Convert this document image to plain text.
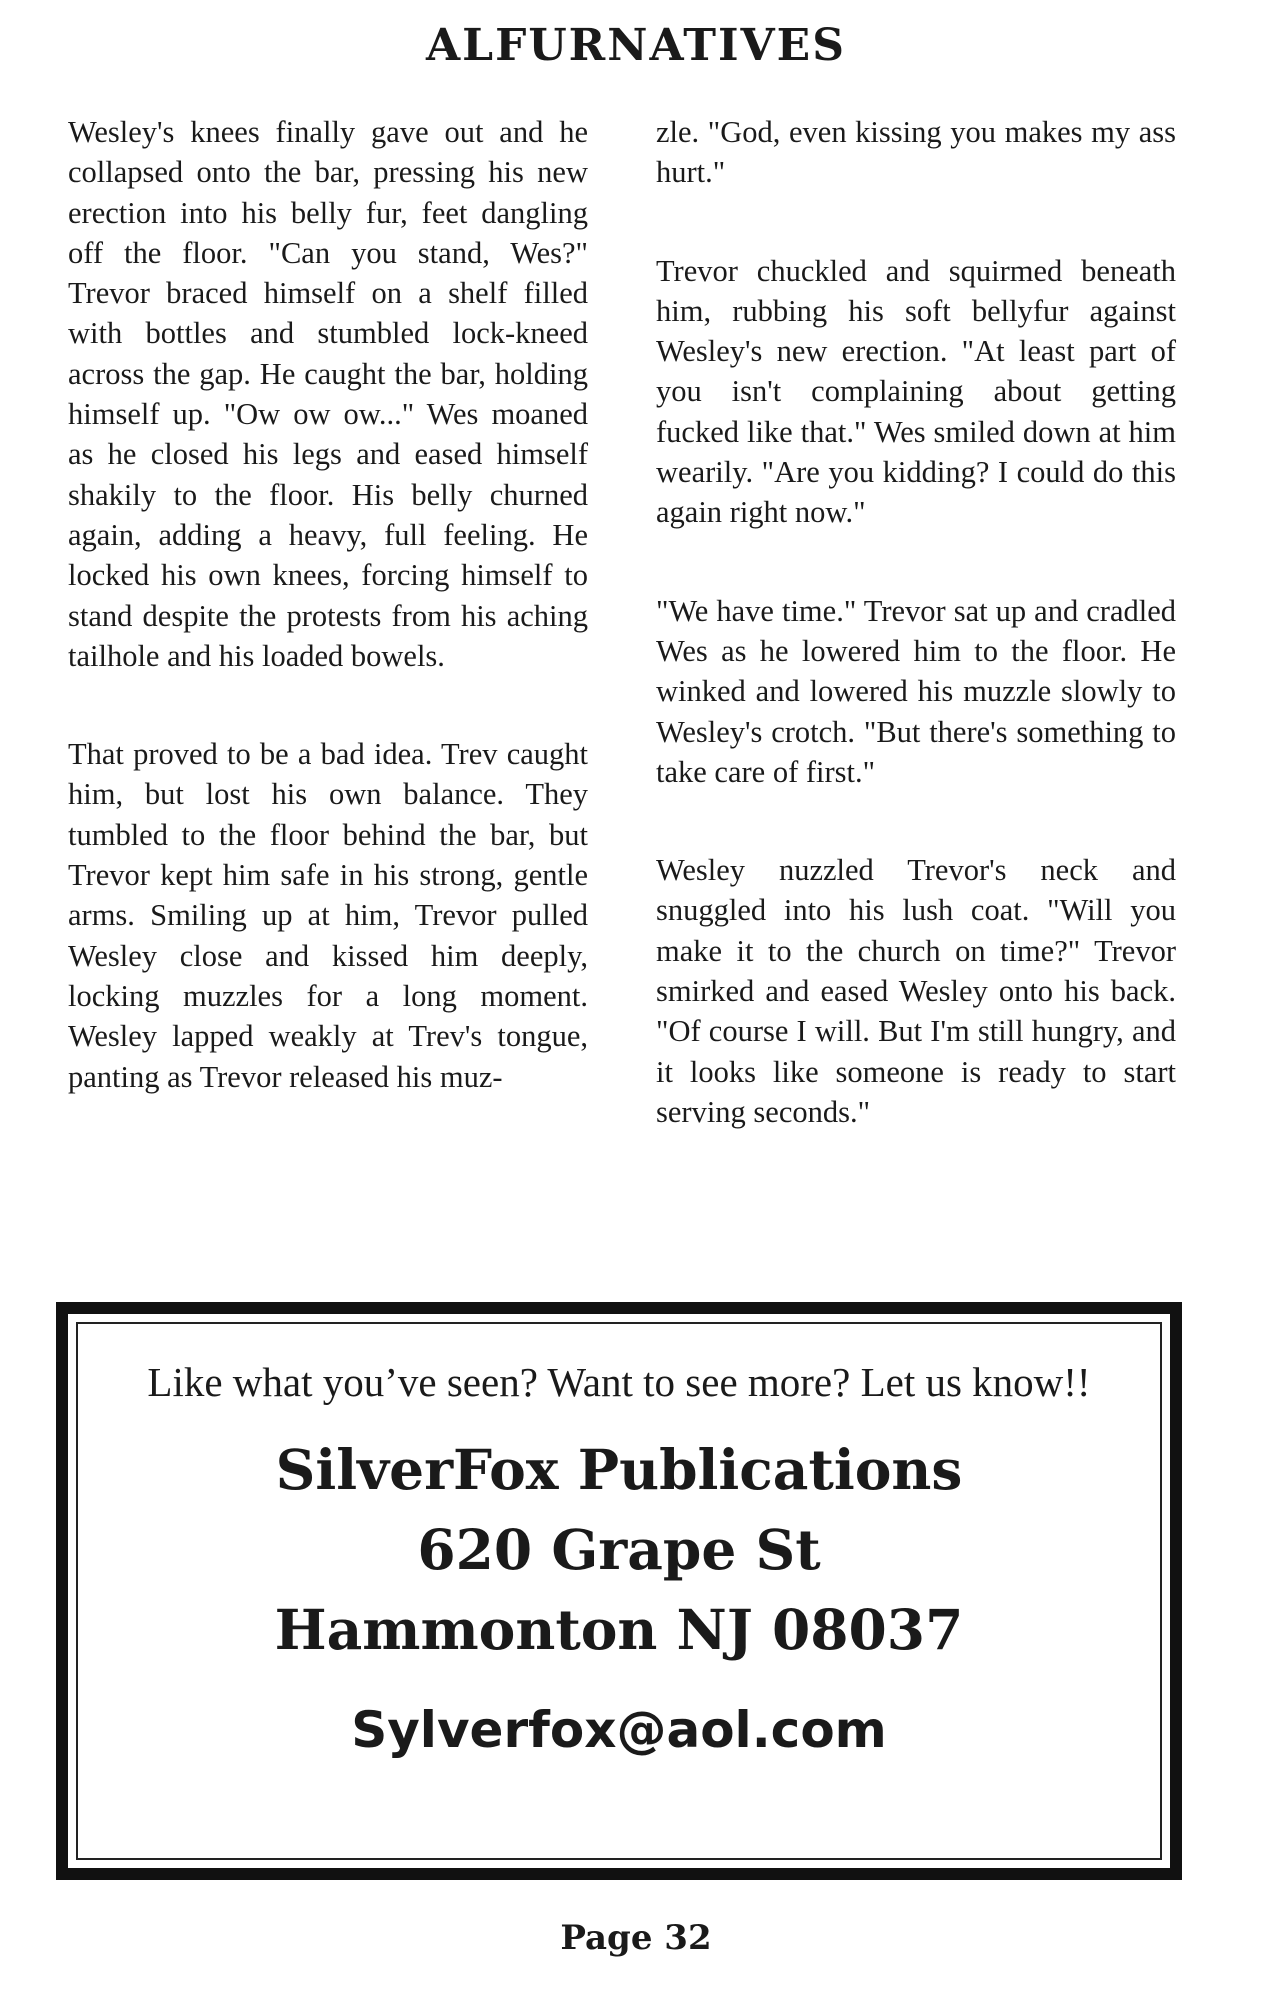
ALFURNATIVES

Wesley's knees finally gave out and he collapsed onto the bar, pressing his new erection into his belly fur, feet dangling off the floor. "Can you stand, Wes?" Trevor braced himself on a shelf filled with bottles and stumbled lock-kneed across the gap. He caught the bar, holding himself up. "Ow ow ow..." Wes moaned as he closed his legs and eased himself shakily to the floor. His belly churned again, adding a heavy, full feeling. He locked his own knees, forcing himself to stand despite the protests from his aching tailhole and his loaded bowels.

That proved to be a bad idea. Trev caught him, but lost his own balance. They tumbled to the floor behind the bar, but Trevor kept him safe in his strong, gentle arms. Smiling up at him, Trevor pulled Wesley close and kissed him deeply, locking muzzles for a long moment. Wesley lapped weakly at Trev's tongue, panting as Trevor released his muz-

zle. "God, even kissing you makes my ass hurt."

Trevor chuckled and squirmed beneath him, rubbing his soft bellyfur against Wesley's new erection. "At least part of you isn't complaining about getting fucked like that." Wes smiled down at him wearily. "Are you kidding? I could do this again right now."

"We have time." Trevor sat up and cradled Wes as he lowered him to the floor. He winked and lowered his muzzle slowly to Wesley's crotch. "But there's something to take care of first."

Wesley nuzzled Trevor's neck and snuggled into his lush coat. "Will you make it to the church on time?" Trevor smirked and eased Wesley onto his back. "Of course I will. But I'm still hungry, and it looks like someone is ready to start serving seconds."

Like what you’ve seen? Want to see more? Let us know!!
SilverFox Publications
620 Grape St
Hammonton NJ 08037
Sylverfox@aol.com
Page 32
